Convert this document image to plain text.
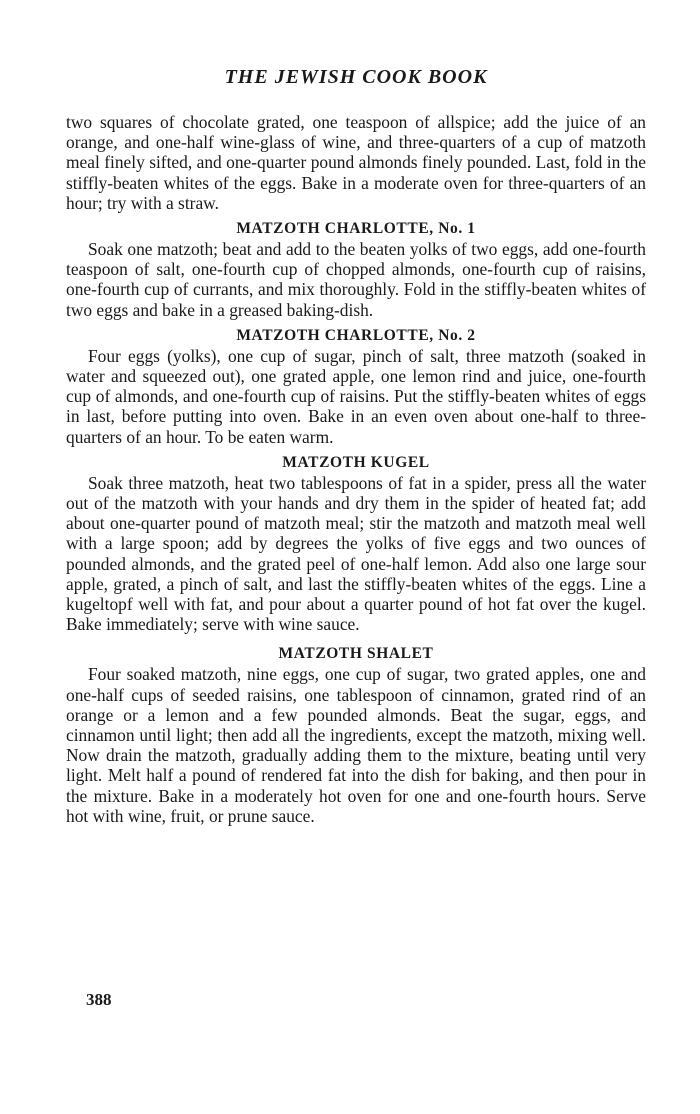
THE JEWISH COOK BOOK

two squares of chocolate grated, one teaspoon of allspice; add the juice of an orange, and one-half wine-glass of wine, and three-quarters of a cup of matzoth meal finely sifted, and one-quarter pound almonds finely pounded. Last, fold in the stiffly-beaten whites of the eggs. Bake in a moderate oven for three-quarters of an hour; try with a straw.

MATZOTH CHARLOTTE, No. 1

Soak one matzoth; beat and add to the beaten yolks of two eggs, add one-fourth teaspoon of salt, one-fourth cup of chopped almonds, one-fourth cup of raisins, one-fourth cup of currants, and mix thoroughly. Fold in the stiffly-beaten whites of two eggs and bake in a greased baking-dish.

MATZOTH CHARLOTTE, No. 2

Four eggs (yolks), one cup of sugar, pinch of salt, three matzoth (soaked in water and squeezed out), one grated apple, one lemon rind and juice, one-fourth cup of almonds, and one-fourth cup of raisins. Put the stiffly-beaten whites of eggs in last, before putting into oven. Bake in an even oven about one-half to three-quarters of an hour. To be eaten warm.

MATZOTH KUGEL

Soak three matzoth, heat two tablespoons of fat in a spider, press all the water out of the matzoth with your hands and dry them in the spider of heated fat; add about one-quarter pound of matzoth meal; stir the matzoth and matzoth meal well with a large spoon; add by degrees the yolks of five eggs and two ounces of pounded almonds, and the grated peel of one-half lemon. Add also one large sour apple, grated, a pinch of salt, and last the stiffly-beaten whites of the eggs. Line a kugeltopf well with fat, and pour about a quarter pound of hot fat over the kugel. Bake immediately; serve with wine sauce.

MATZOTH SHALET

Four soaked matzoth, nine eggs, one cup of sugar, two grated apples, one and one-half cups of seeded raisins, one tablespoon of cinnamon, grated rind of an orange or a lemon and a few pounded almonds. Beat the sugar, eggs, and cinnamon until light; then add all the ingredients, except the matzoth, mixing well. Now drain the matzoth, gradually adding them to the mixture, beating until very light. Melt half a pound of rendered fat into the dish for baking, and then pour in the mixture. Bake in a moderately hot oven for one and one-fourth hours. Serve hot with wine, fruit, or prune sauce.

388
